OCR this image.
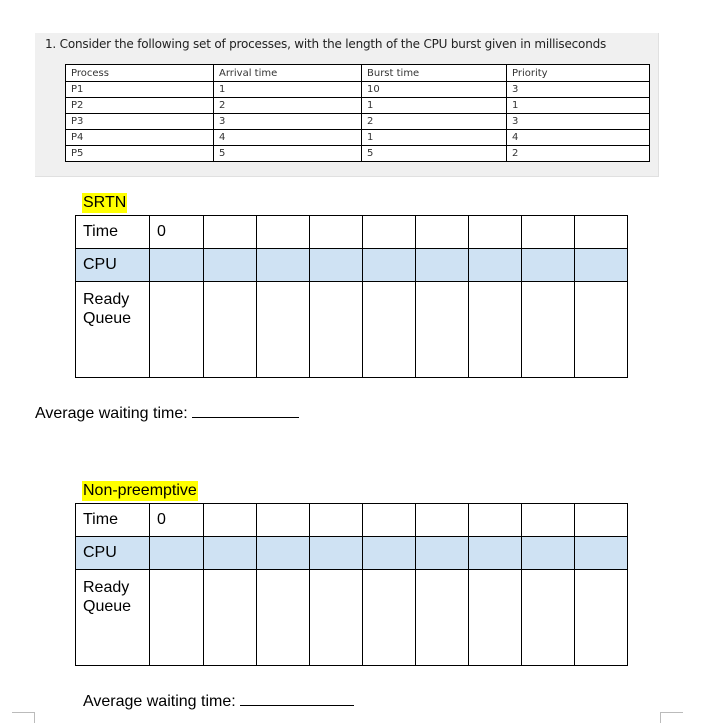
1. Consider the following set of processes, with the length of the CPU burst given in milliseconds
Process	Arrival time	Burst time	Priority
P1	1	10	3
P2	2	1	1
P3	3	2	3
P4	4	1	4
P5	5	5	2
SRTN
Time	0								
CPU									
Ready
Queue									
Average waiting time:
Non-preemptive
Time	0								
CPU									
Ready
Queue									
Average waiting time:
